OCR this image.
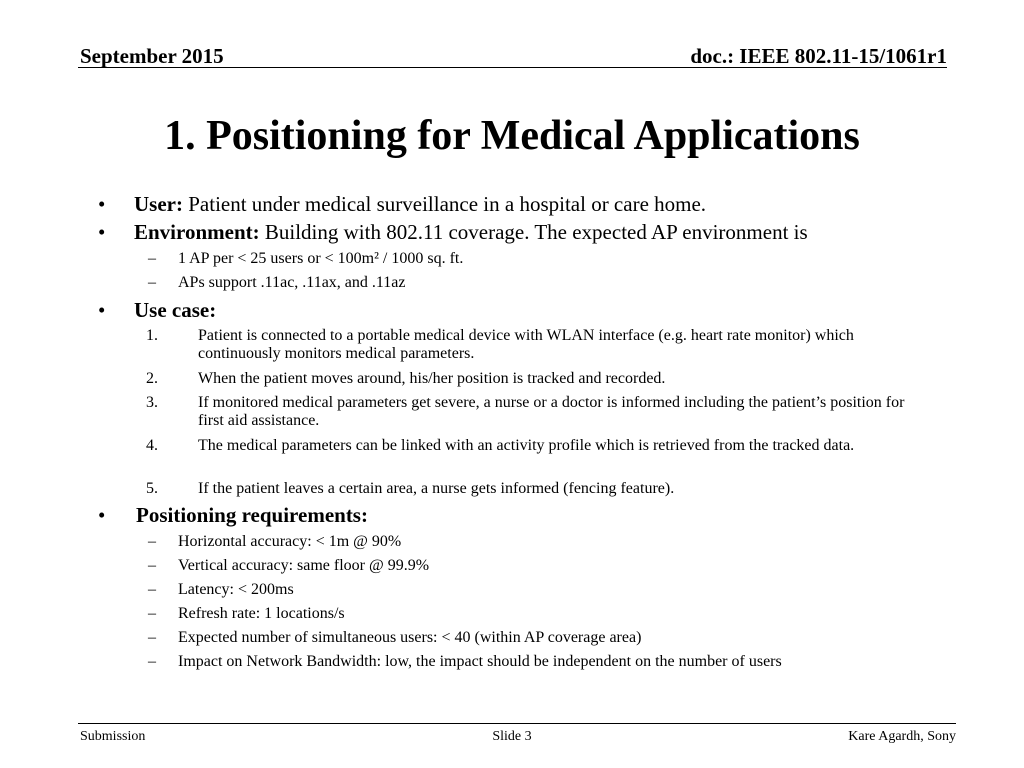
September 2015	doc.: IEEE 802.11-15/1061r1
1. Positioning for Medical Applications
• User: Patient under medical surveillance in a hospital or care home.
• Environment: Building with 802.11 coverage. The expected AP environment is
– 1 AP per < 25 users or < 100m² / 1000 sq. ft.
– APs support .11ac, .11ax, and .11az
• Use case:
1.	Patient is connected to a portable medical device with WLAN interface (e.g. heart rate monitor) which continuously monitors medical parameters.
2.	When the patient moves around, his/her position is tracked and recorded.
3.	If monitored medical parameters get severe, a nurse or a doctor is informed including the patient’s position for first aid assistance.
4.	The medical parameters can be linked with an activity profile which is retrieved from the tracked data.
5.	If the patient leaves a certain area, a nurse gets informed (fencing feature).
• Positioning requirements:
– Horizontal accuracy: < 1m @ 90%
– Vertical accuracy: same floor @ 99.9%
– Latency: < 200ms
– Refresh rate: 1 locations/s
– Expected number of simultaneous users: < 40 (within AP coverage area)
– Impact on Network Bandwidth: low, the impact should be independent on the number of users
Submission	Slide 3	Kare Agardh, Sony
